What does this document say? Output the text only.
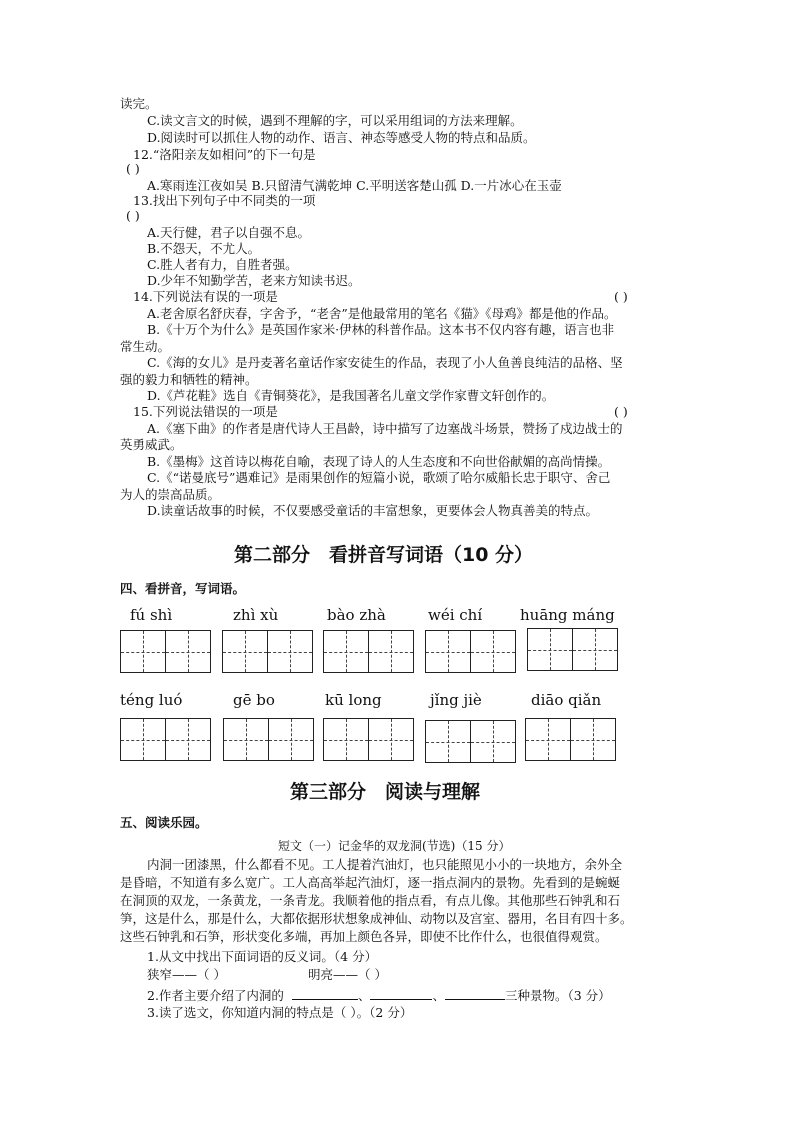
读完。
C.读文言文的时候，遇到不理解的字，可以采用组词的方法来理解。
D.阅读时可以抓住人物的动作、语言、神态等感受人物的特点和品质。
12.“洛阳亲友如相问”的下一句是
( )
A.寒雨连江夜如吴 B.只留清气满乾坤 C.平明送客楚山孤 D.一片冰心在玉壶
13.找出下列句子中不同类的一项
( )
A.天行健，君子以自强不息。
B.不怨天，不尤人。
C.胜人者有力，自胜者强。
D.少年不知勤学苦，老来方知读书迟。
14.下列说法有误的一项是	( )
A.老舍原名舒庆春，字舍予，“老舍”是他最常用的笔名《猫》《母鸡》都是他的作品。
B.《十万个为什么》是英国作家米·伊林的科普作品。这本书不仅内容有趣，语言也非
常生动。
C.《海的女儿》是丹麦著名童话作家安徒生的作品，表现了小人鱼善良纯洁的品格、坚
强的毅力和牺牲的精神。
D.《芦花鞋》选自《青铜葵花》，是我国著名儿童文学作家曹文轩创作的。
15.下列说法错误的一项是	( )
A.《塞下曲》的作者是唐代诗人王昌龄，诗中描写了边塞战斗场景，赞扬了戍边战士的
英勇威武。
B.《墨梅》这首诗以梅花自喻，表现了诗人的人生态度和不向世俗献媚的高尚情操。
C.《“诺曼底号”遇难记》是雨果创作的短篇小说，歌颂了哈尔威船长忠于职守、舍己
为人的崇高品质。
D.读童话故事的时候，不仅要感受童话的丰富想象，更要体会人物真善美的特点。
第二部分　看拼音写词语（10 分）
四、看拼音，写词语。
fú shì	zhì xù	bào zhà	wéi chí	huāng máng
téng luó	gē bo	kū long	jǐng jiè	diāo qiǎn
第三部分　阅读与理解
五、阅读乐园。
短文（一）记金华的双龙洞(节选)（15 分）
内洞一团漆黑，什么都看不见。工人提着汽油灯，也只能照见小小的一块地方，余外全
是昏暗，不知道有多么宽广。工人高高举起汽油灯，逐一指点洞内的景物。先看到的是蜿蜒
在洞顶的双龙，一条黄龙，一条青龙。我顺着他的指点看，有点儿像。其他那些石钟乳和石
笋，这是什么，那是什么，大都依据形状想象成神仙、动物以及宫室、器用，名目有四十多。
这些石钟乳和石笋，形状变化多端，再加上颜色各异，即使不比作什么，也很值得观赏。
1.从文中找出下面词语的反义词。（4 分）
狭窄——（ ）	明亮——（ ）
2.作者主要介绍了内洞的	、	、	三种景物。（3 分）
3.读了选文，你知道内洞的特点是（ ）。（2 分）
